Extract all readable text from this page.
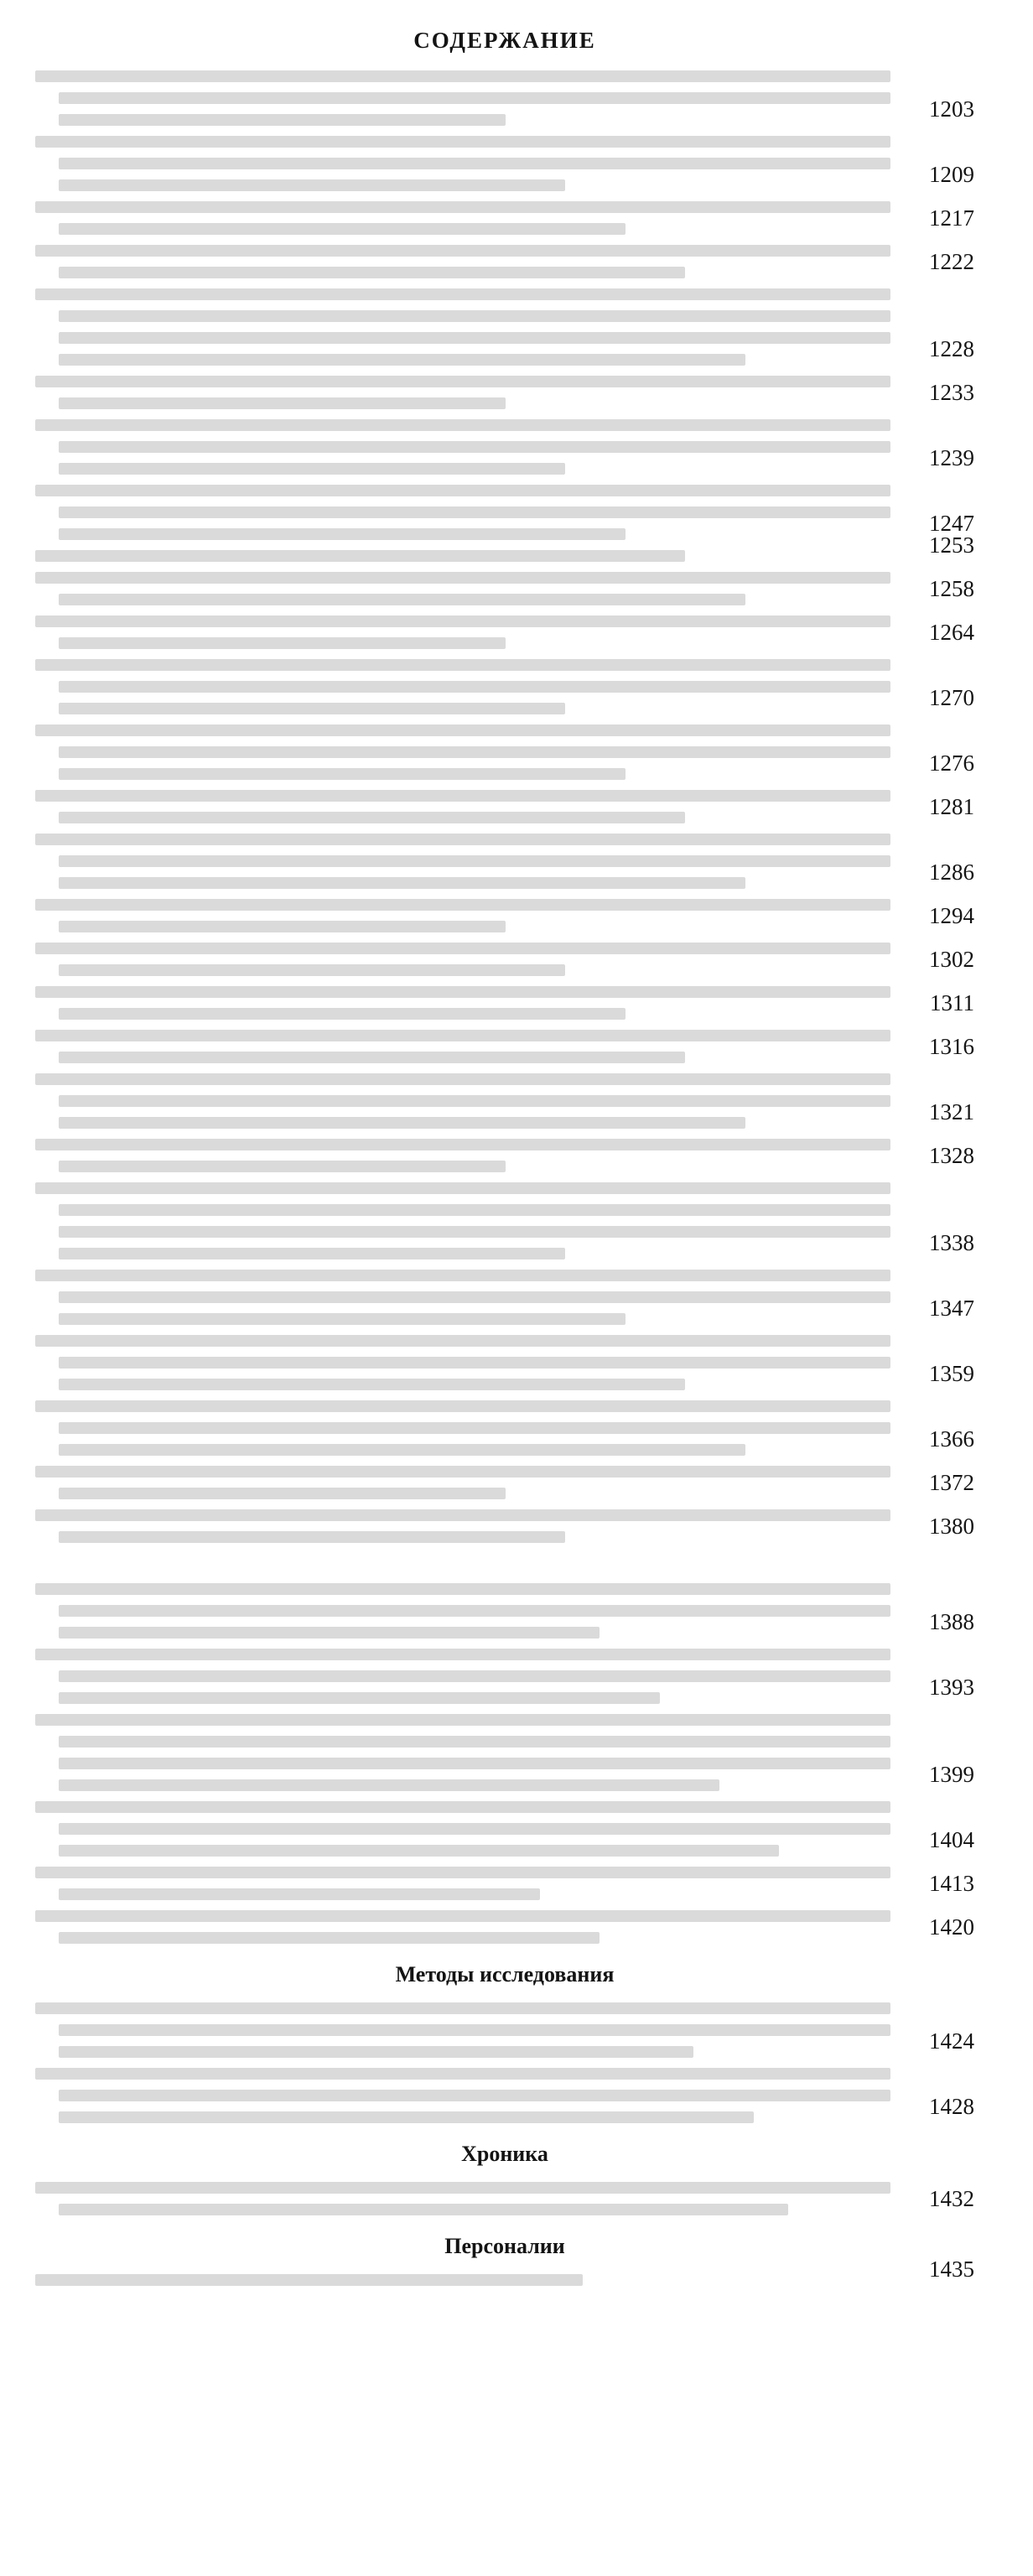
СОДЕРЖАНИЕ
1203
1209
1217
1222
1228
1233
1239
1247
1253
1258
1264
1270
1276
1281
1286
1294
1302
1311
1316
1321
1328
1338
1347
1359
1366
1372
1380
1388
1393
1399
1404
1413
1420
Методы исследования
1424
1428
Хроника
1432
Персоналии
1435
